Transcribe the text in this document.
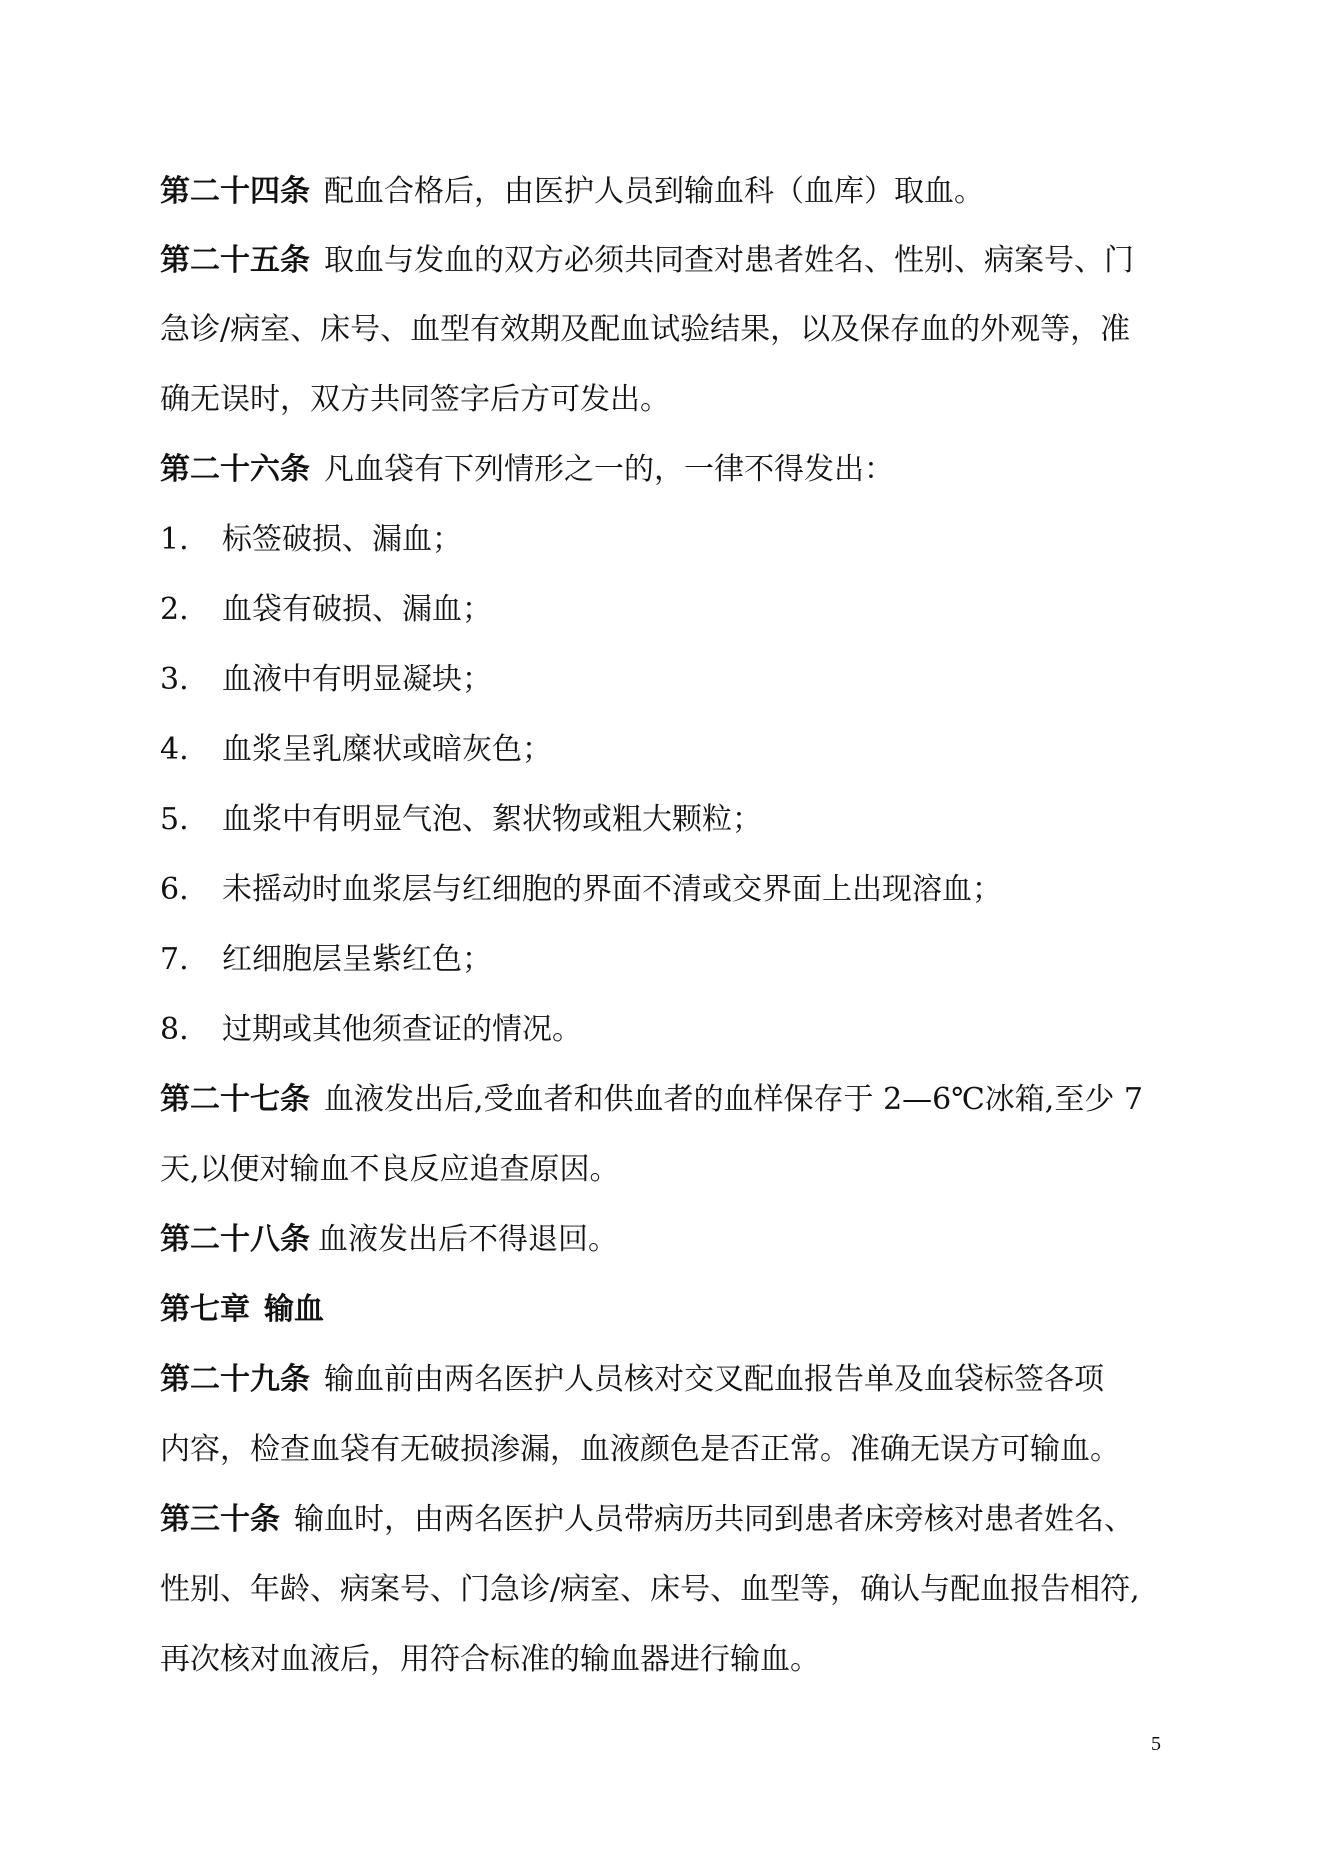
第二十四条 配血合格后，由医护人员到输血科（血库）取血。
第二十五条 取血与发血的双方必须共同查对患者姓名、性别、病案号、门
急诊/病室、床号、血型有效期及配血试验结果，以及保存血的外观等，准
确无误时，双方共同签字后方可发出。
第二十六条 凡血袋有下列情形之一的，一律不得发出：
1. 标签破损、漏血；
2. 血袋有破损、漏血；
3. 血液中有明显凝块；
4. 血浆呈乳糜状或暗灰色；
5. 血浆中有明显气泡、絮状物或粗大颗粒；
6. 未摇动时血浆层与红细胞的界面不清或交界面上出现溶血；
7. 红细胞层呈紫红色；
8. 过期或其他须查证的情况。
第二十七条 血液发出后,受血者和供血者的血样保存于 2—6℃冰箱,至少 7
天,以便对输血不良反应追查原因。
第二十八条 血液发出后不得退回。
第七章 输血
第二十九条 输血前由两名医护人员核对交叉配血报告单及血袋标签各项
内容，检查血袋有无破损渗漏，血液颜色是否正常。准确无误方可输血。
第三十条 输血时，由两名医护人员带病历共同到患者床旁核对患者姓名、
性别、年龄、病案号、门急诊/病室、床号、血型等，确认与配血报告相符,
再次核对血液后，用符合标准的输血器进行输血。
5
